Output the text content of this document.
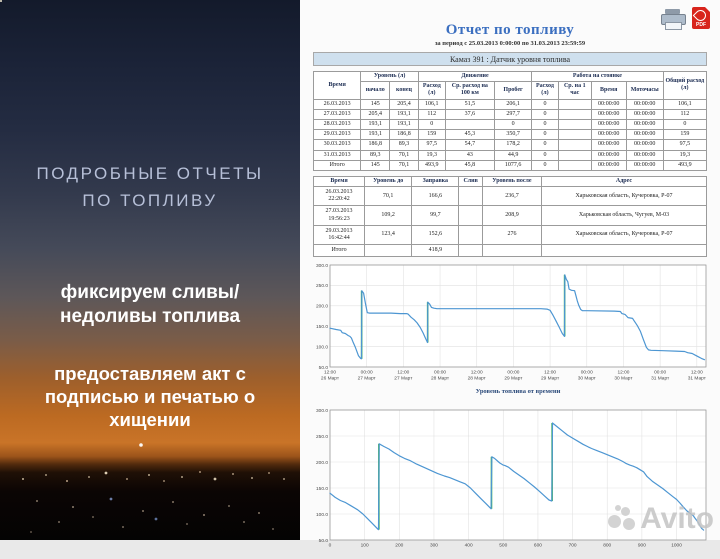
ПОДРОБНЫЕ ОТЧЕТЫ
ПО ТОПЛИВУ
фиксируем сливы/ недоливы топлива
предоставляем акт с подписью и печатью о хищении
PDF
Отчет по топливу
за период с 25.03.2013 0:00:00 по 31.03.2013 23:59:59
Камаз 391 : Датчик уровня топлива
Время	Уровень (л)		Движение			Работа на стоянке				Общий расход (л)
	начало	конец	Расход (л)	Ср. расход на 100 км	Пробег	Расход (л)	Ср. на 1 час	Время	Моточасы	
26.03.2013	145	205,4	106,1	51,5	206,1	0		00:00:00	00:00:00	106,1
27.03.2013	205,4	193,1	112	37,6	297,7	0		00:00:00	00:00:00	112
28.03.2013	193,1	193,1	0		0	0		00:00:00	00:00:00	0
29.03.2013	193,1	186,8	159	45,3	350,7	0		00:00:00	00:00:00	159
30.03.2013	186,8	89,3	97,5	54,7	178,2	0		00:00:00	00:00:00	97,5
31.03.2013	89,3	70,1	19,3	43	44,9	0		00:00:00	00:00:00	19,3
Итого	145	70,1	493,9	45,8	1077,6	0		00:00:00	00:00:00	493,9
Время	Уровень до	Заправка	Слив	Уровень после	Адрес
26.03.2013 22:20:42	70,1	166,6		236,7	Харьковская область, Кучеровка, Р-07
27.03.2013 19:56:23	109,2	99,7		208,9	Харьковская область, Чугуев, М-03
29.03.2013 16:42:44	123,4	152,6		276	Харьковская область, Кучеровка, Р-07
Итого		418,9			
300.0
250.0
200.0
150.0
100.0
50.0
12:00
26 Март
00:00
27 Март
12:00
27 Март
00:00
28 Март
12:00
28 Март
00:00
29 Март
12:00
29 Март
00:00
30 Март
12:00
30 Март
00:00
31 Март
12:00
31 Март
Уровень топлива от времени
300.0
250.0
200.0
150.0
100.0
50.0
0	100	200	300	400	500	600	700	800	900	1000
Avito
